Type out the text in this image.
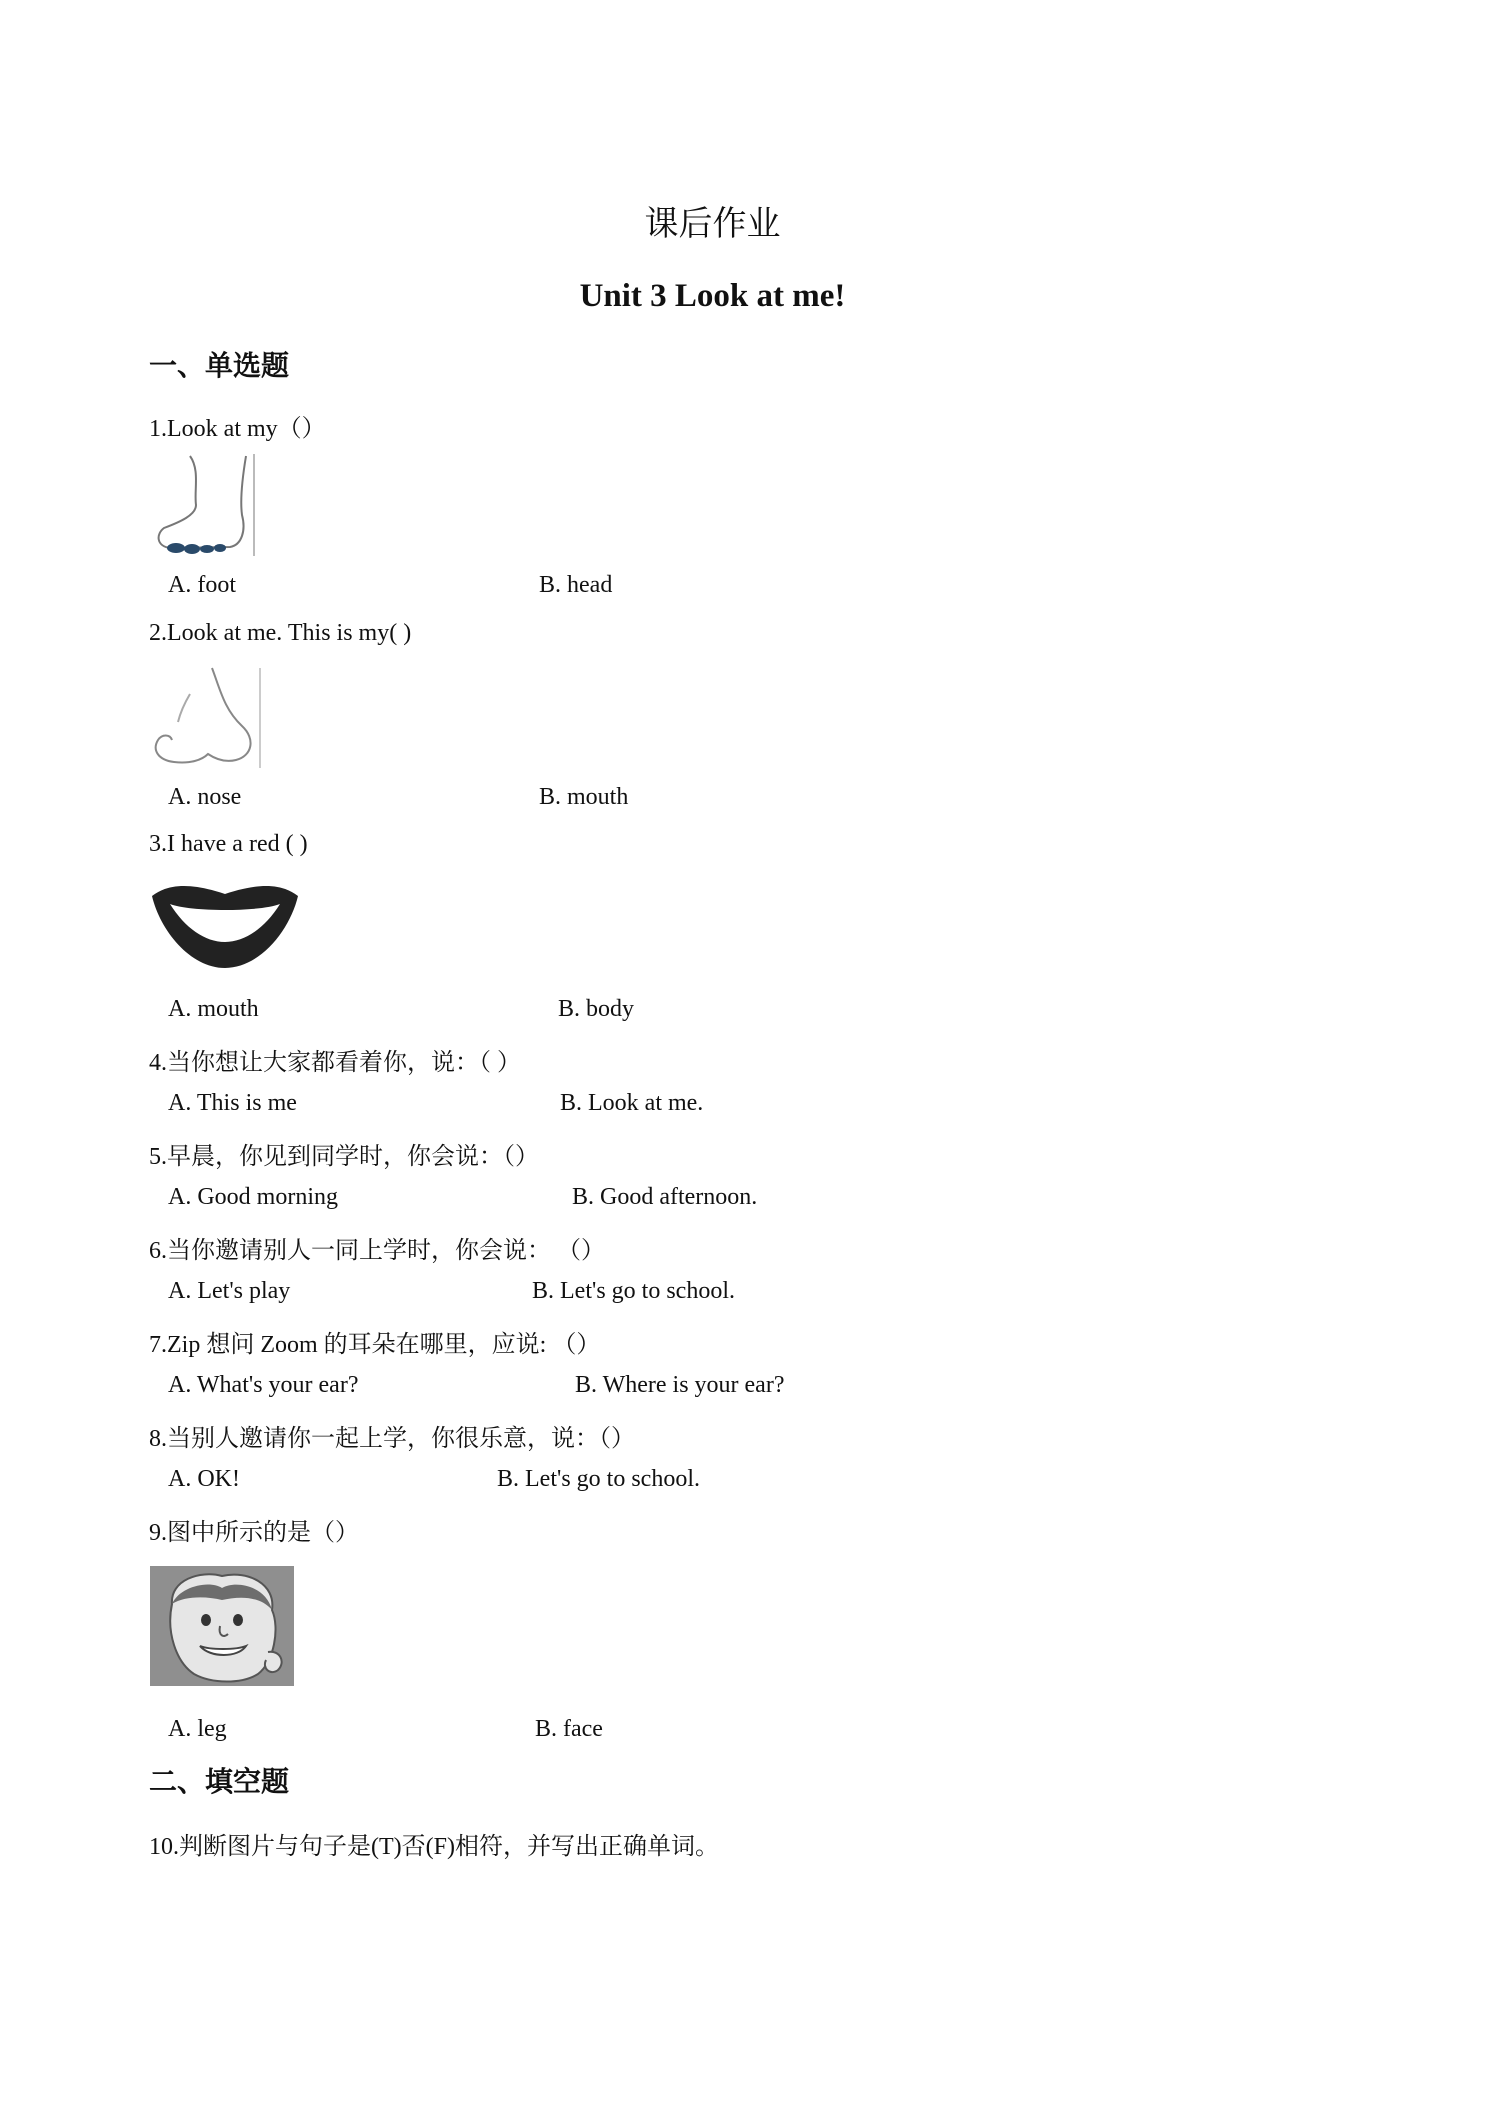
课后作业
Unit 3 Look at me!
一、单选题
1.Look at my（）
A. foot	B. head
2.Look at me. This is my( )
A. nose	B. mouth
3.I have a red ( )
A. mouth	B. body
4.当你想让大家都看着你，说：（ ）
A. This is me	B. Look at me.
5.早晨，你见到同学时，你会说：（）
A. Good morning	B. Good afternoon.
6.当你邀请别人一同上学时，你会说： （）
A. Let's play	B. Let's go to school.
7.Zip 想问 Zoom 的耳朵在哪里，应说: （）
A. What's your ear?	B. Where is your ear?
8.当别人邀请你一起上学，你很乐意，说：（）
A. OK!	B. Let's go to school.
9.图中所示的是（）
A. leg	B. face
二、填空题
10.判断图片与句子是(T)否(F)相符，并写出正确单词。
